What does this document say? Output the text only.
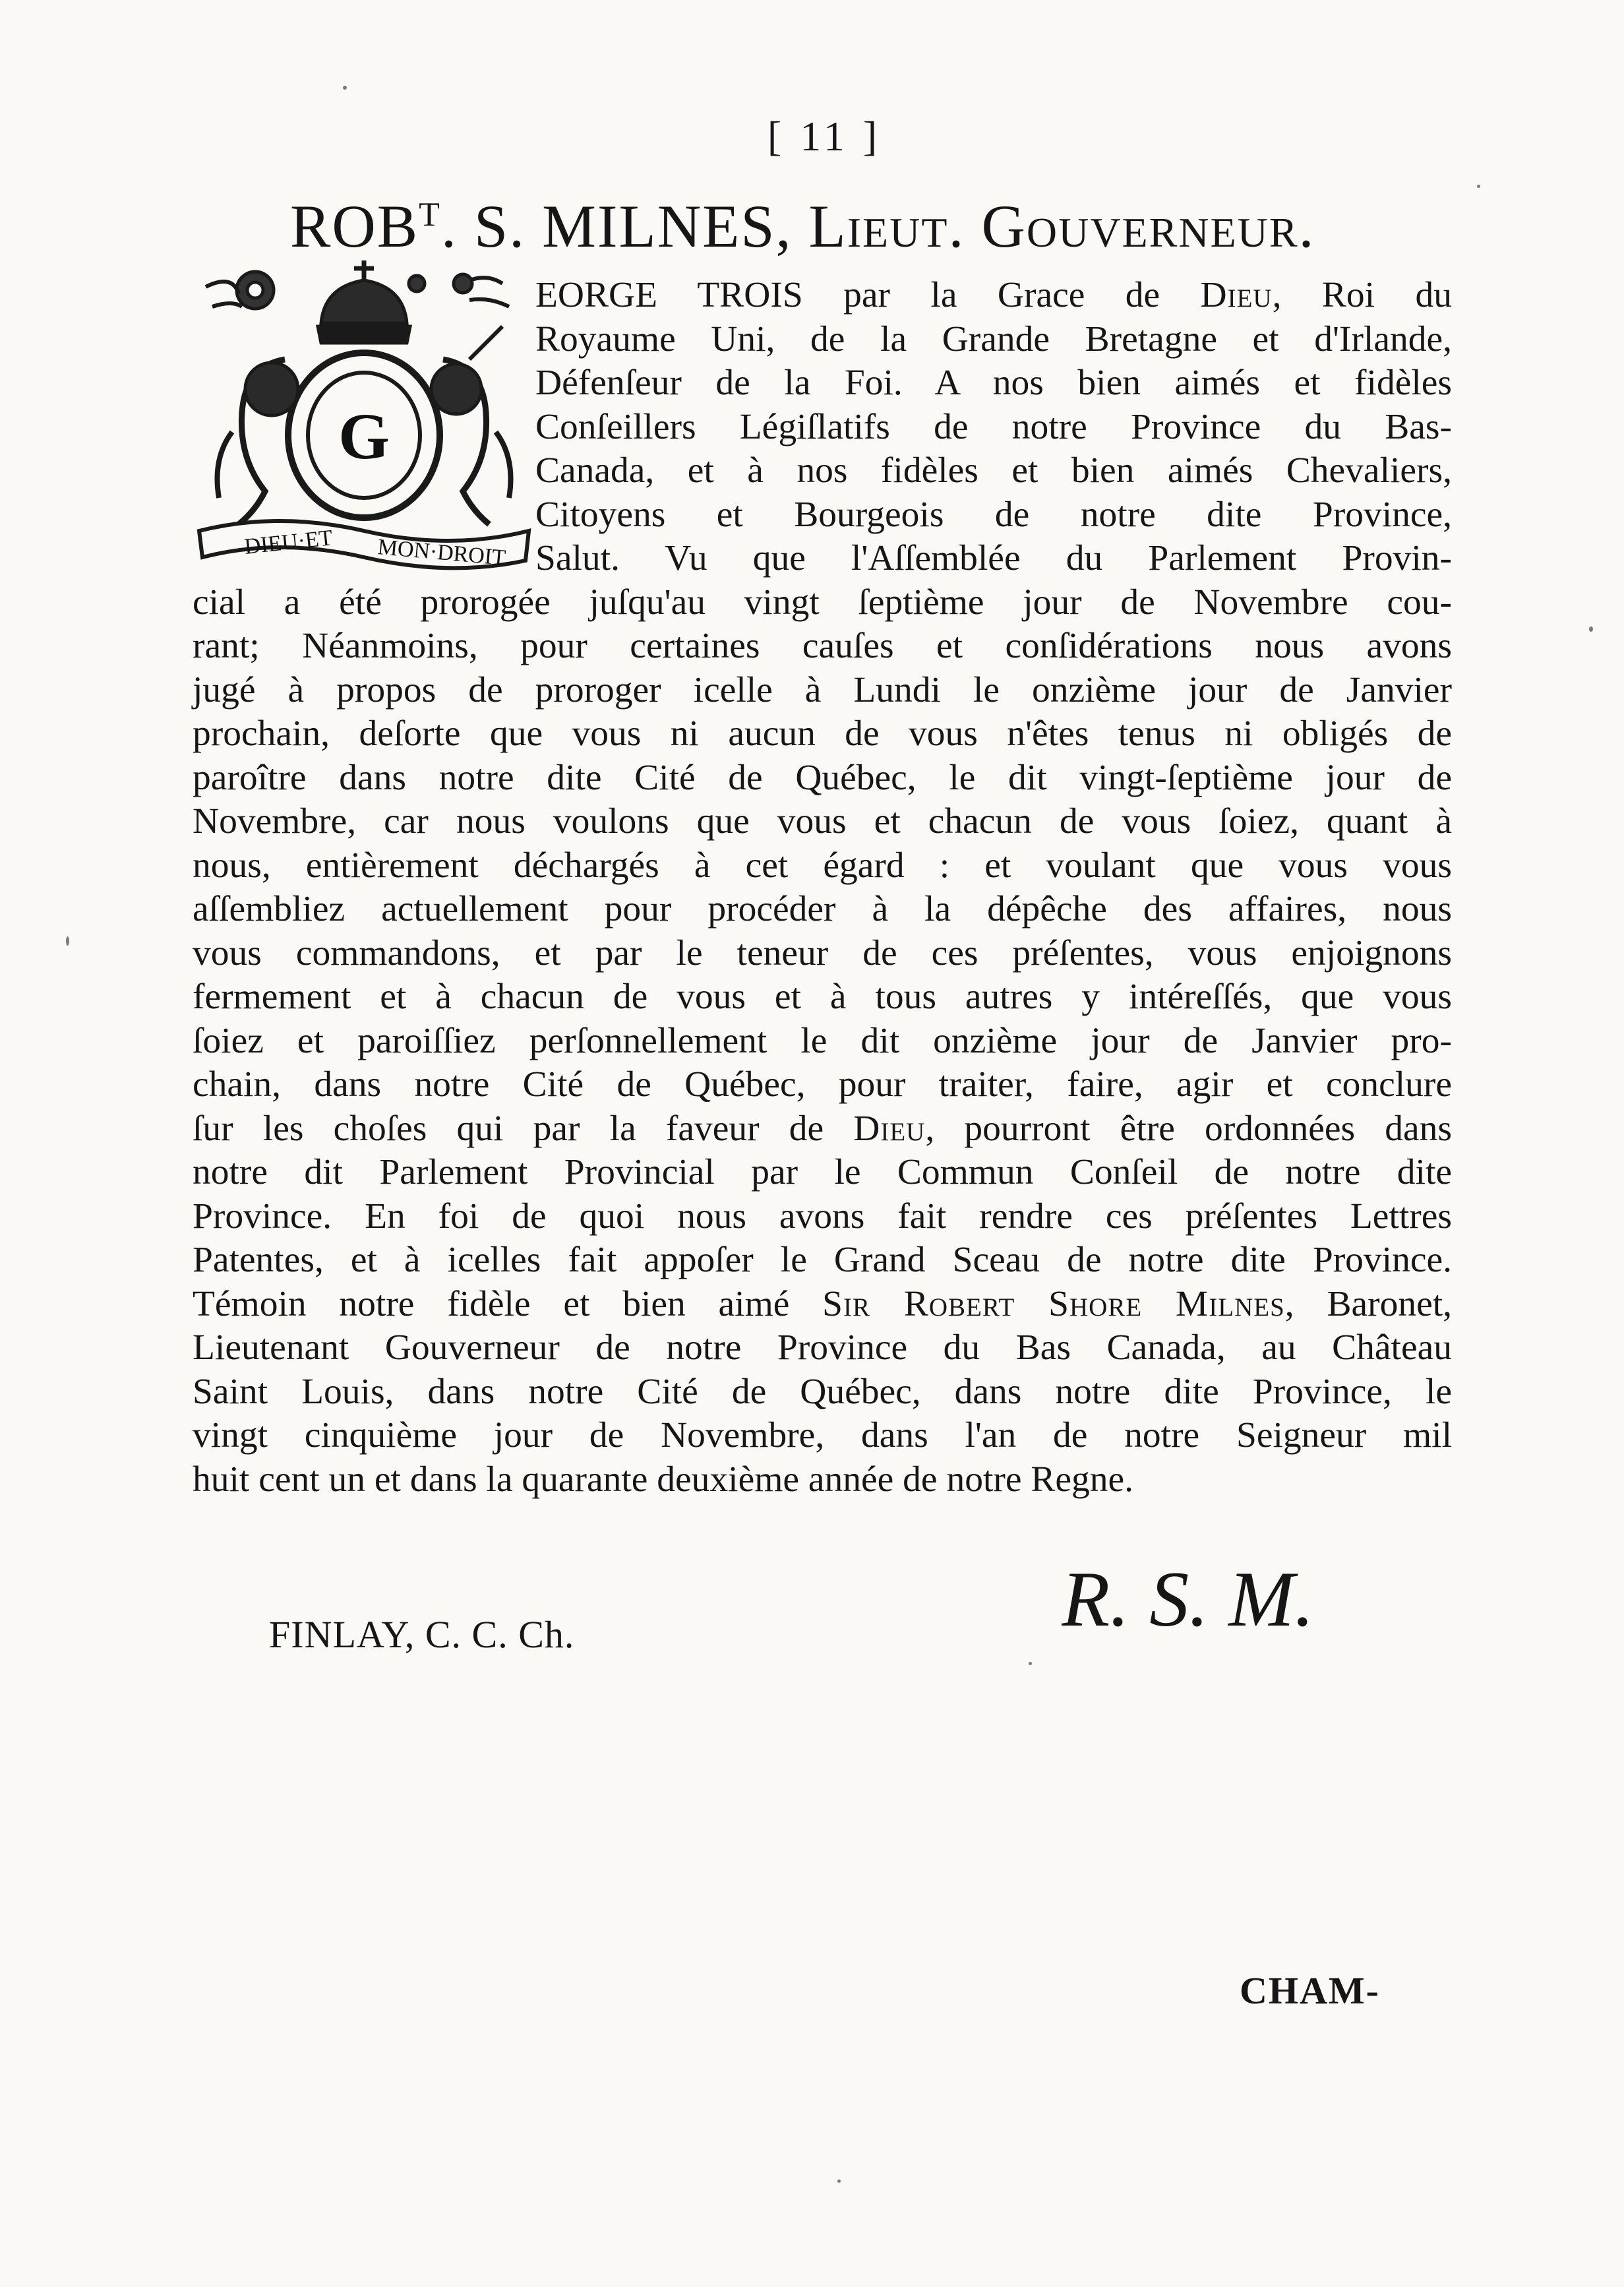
[ 11 ]
$ROB^T$. S. MILNES, Lieut. Gouverneur.
G
DIEU·ET MON·DROIT
EORGE TROIS par la Grace de Dieu, Roi du
Royaume Uni, de la Grande Bretagne et d'Irlande,
Défenſeur de la Foi. A nos bien aimés et fidèles
Conſeillers Légiſlatifs de notre Province du Bas-
Canada, et à nos fidèles et bien aimés Chevaliers,
Citoyens et Bourgeois de notre dite Province,
Salut. Vu que l'Aſſemblée du Parlement Provin-
cial a été prorogée juſqu'au vingt ſeptième jour de Novembre cou-
rant; Néanmoins, pour certaines cauſes et conſidérations nous avons
jugé à propos de proroger icelle à Lundi le onzième jour de Janvier
prochain, deſorte que vous ni aucun de vous n'êtes tenus ni obligés de
paroître dans notre dite Cité de Québec, le dit vingt-ſeptième jour de
Novembre, car nous voulons que vous et chacun de vous ſoiez, quant à
nous, entièrement déchargés à cet égard : et voulant que vous vous
aſſembliez actuellement pour procéder à la dépêche des affaires, nous
vous commandons, et par le teneur de ces préſentes, vous enjoignons
fermement et à chacun de vous et à tous autres y intéreſſés, que vous
ſoiez et paroiſſiez perſonnellement le dit onzième jour de Janvier pro-
chain, dans notre Cité de Québec, pour traiter, faire, agir et conclure
ſur les choſes qui par la faveur de Dieu, pourront être ordonnées dans
notre dit Parlement Provincial par le Commun Conſeil de notre dite
Province. En foi de quoi nous avons fait rendre ces préſentes Lettres
Patentes, et à icelles fait appoſer le Grand Sceau de notre dite Province.
Témoin notre fidèle et bien aimé Sir Robert Shore Milnes, Baronet,
Lieutenant Gouverneur de notre Province du Bas Canada, au Château
Saint Louis, dans notre Cité de Québec, dans notre dite Province, le
vingt cinquième jour de Novembre, dans l'an de notre Seigneur mil
huit cent un et dans la quarante deuxième année de notre Regne.
R. S. M.
FINLAY, C. C. Ch.
CHAM-
